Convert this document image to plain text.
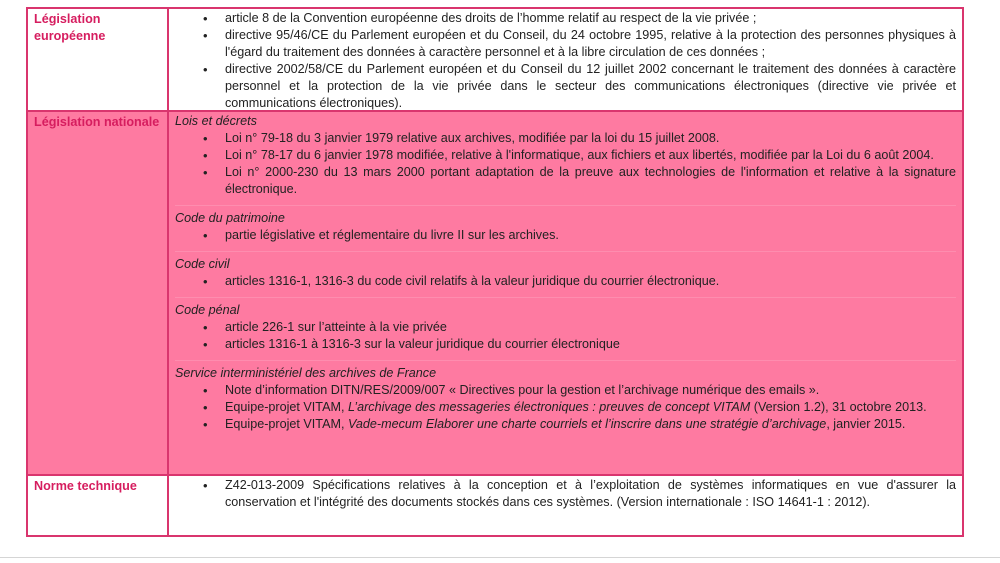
Législation européenne
• article 8 de la Convention européenne des droits de l’homme relatif au respect de la vie privée ;
• directive 95/46/CE du Parlement européen et du Conseil, du 24 octobre 1995, relative à la protection des personnes physiques à l'égard du traitement des données à caractère personnel et à la libre circulation de ces données ;
• directive 2002/58/CE du Parlement européen et du Conseil du 12 juillet 2002 concernant le traitement des données à caractère personnel et la protection de la vie privée dans le secteur des communications électroniques (directive vie privée et communications électroniques).
Législation nationale	Lois et décrets
• Loi n° 79-18 du 3 janvier 1979 relative aux archives, modifiée par la loi du 15 juillet 2008.
• Loi n° 78-17 du 6 janvier 1978 modifiée, relative à l'informatique, aux fichiers et aux libertés, modifiée par la Loi du 6 août 2004.
• Loi n° 2000-230 du 13 mars 2000 portant adaptation de la preuve aux technologies de l'information et relative à la signature électronique.
Code du patrimoine
• partie législative et réglementaire du livre II sur les archives.
Code civil
• articles 1316-1, 1316-3 du code civil relatifs à la valeur juridique du courrier électronique.
Code pénal
• article 226-1 sur l’atteinte à la vie privée
• articles 1316-1 à 1316-3 sur la valeur juridique du courrier électronique
Service interministériel des archives de France
• Note d’information DITN/RES/2009/007 « Directives pour la gestion et l’archivage numérique des emails ».
• Equipe-projet VITAM, L’archivage des messageries électroniques : preuves de concept VITAM (Version 1.2), 31 octobre 2013.
• Equipe-projet VITAM, Vade-mecum Elaborer une charte courriels et l’inscrire dans une stratégie d’archivage, janvier 2015.
Norme technique	• Z42-013-2009 Spécifications relatives à la conception et à l’exploitation de systèmes informatiques en vue d'assurer la conservation et l'intégrité des documents stockés dans ces systèmes. (Version internationale : ISO 14641-1 : 2012).
